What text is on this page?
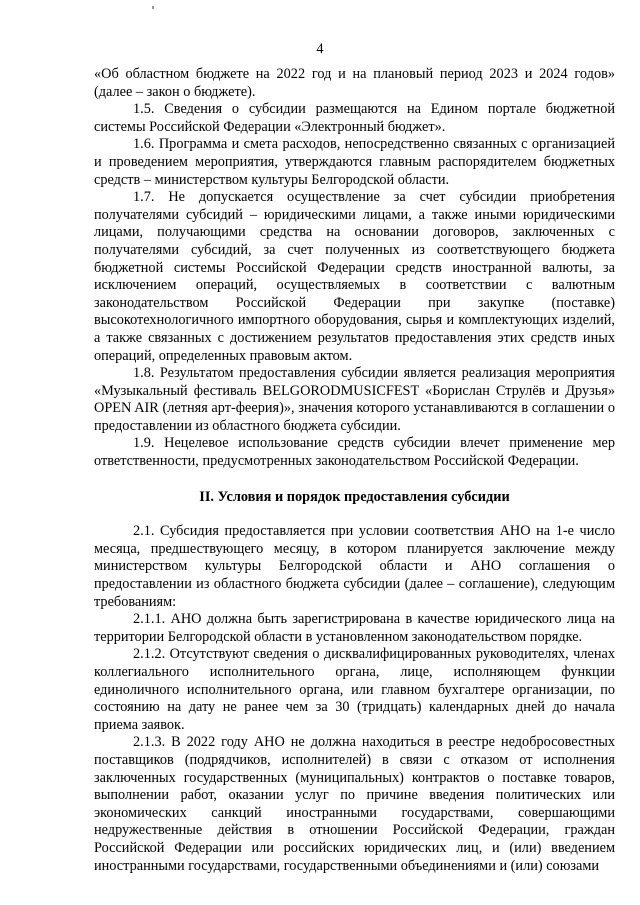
4

«Об областном бюджете на 2022 год и на плановый период 2023 и 2024 годов» (далее – закон о бюджете).

1.5. Сведения о субсидии размещаются на Едином портале бюджетной системы Российской Федерации «Электронный бюджет».

1.6. Программа и смета расходов, непосредственно связанных с организацией и проведением мероприятия, утверждаются главным распорядителем бюджетных средств – министерством культуры Белгородской области.

1.7. Не допускается осуществление за счет субсидии приобретения получателями субсидий – юридическими лицами, а также иными юридическими лицами, получающими средства на основании договоров, заключенных с получателями субсидий, за счет полученных из соответствующего бюджета бюджетной системы Российской Федерации средств иностранной валюты, за исключением операций, осуществляемых в соответствии с валютным законодательством Российской Федерации при закупке (поставке) высокотехнологичного импортного оборудования, сырья и комплектующих изделий, а также связанных с достижением результатов предоставления этих средств иных операций, определенных правовым актом.

1.8. Результатом предоставления субсидии является реализация мероприятия «Музыкальный фестиваль BELGORODMUSICFEST «Борислан Струлёв и Друзья» OPEN AIR (летняя арт-феерия)», значения которого устанавливаются в соглашении о предоставлении из областного бюджета субсидии.

1.9. Нецелевое использование средств субсидии влечет применение мер ответственности, предусмотренных законодательством Российской Федерации.

II. Условия и порядок предоставления субсидии

2.1. Субсидия предоставляется при условии соответствия АНО на 1-е число месяца, предшествующего месяцу, в котором планируется заключение между министерством культуры Белгородской области и АНО соглашения о предоставлении из областного бюджета субсидии (далее – соглашение), следующим требованиям:

2.1.1. АНО должна быть зарегистрирована в качестве юридического лица на территории Белгородской области в установленном законодательством порядке.

2.1.2. Отсутствуют сведения о дисквалифицированных руководителях, членах коллегиального исполнительного органа, лице, исполняющем функции единоличного исполнительного органа, или главном бухгалтере организации, по состоянию на дату не ранее чем за 30 (тридцать) календарных дней до начала приема заявок.

2.1.3. В 2022 году АНО не должна находиться в реестре недобросовестных поставщиков (подрядчиков, исполнителей) в связи с отказом от исполнения заключенных государственных (муниципальных) контрактов о поставке товаров, выполнении работ, оказании услуг по причине введения политических или экономических санкций иностранными государствами, совершающими недружественные действия в отношении Российской Федерации, граждан Российской Федерации или российских юридических лиц, и (или) введением иностранными государствами, государственными объединениями и (или) союзами
